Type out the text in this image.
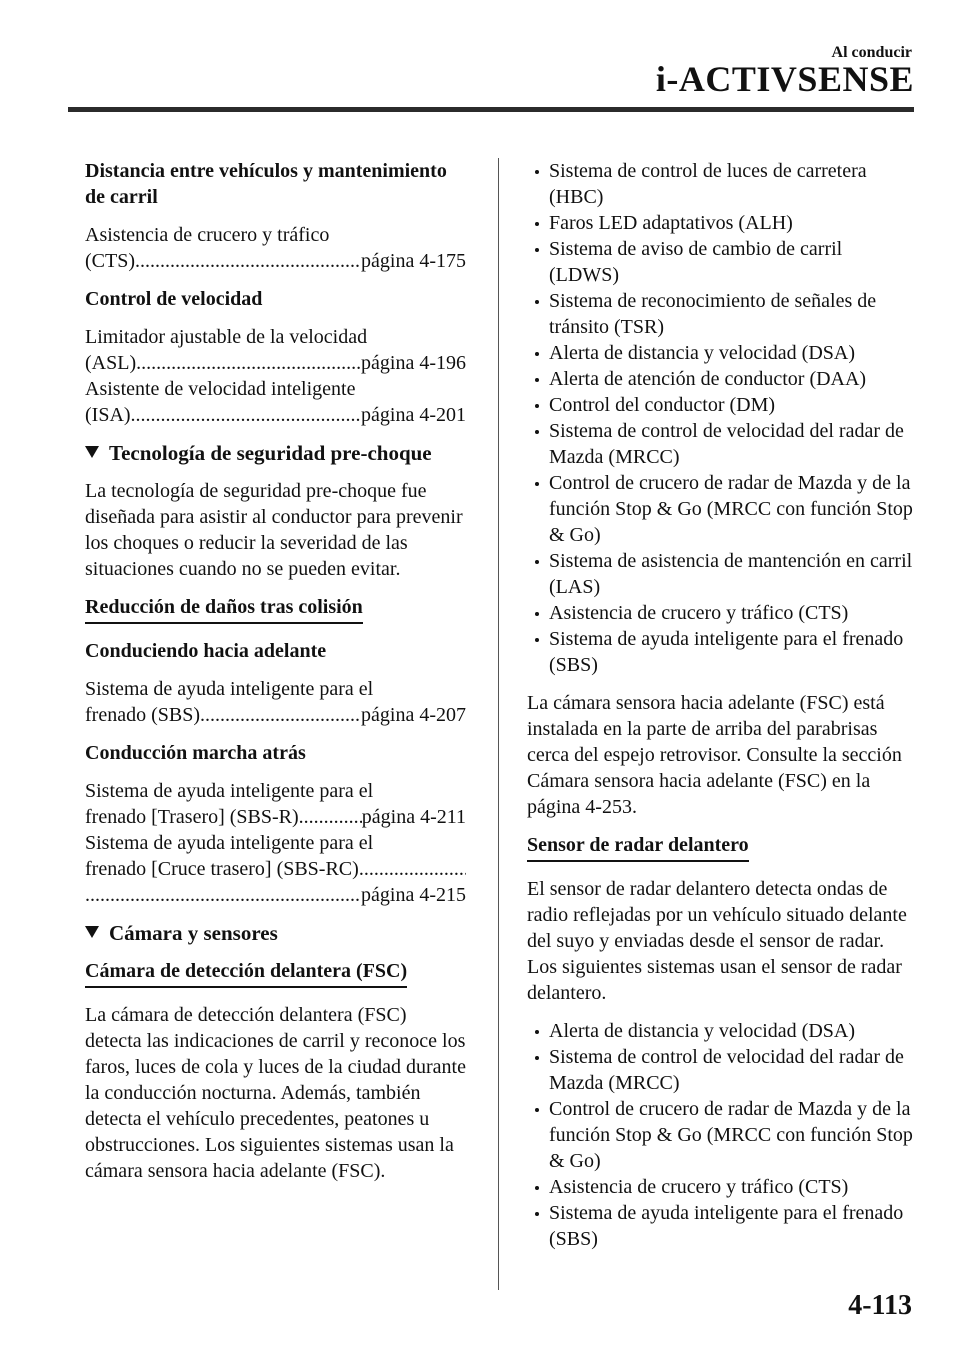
Al conducir
i-ACTIVSENSE
Distancia entre vehículos y mantenimiento de carril
Asistencia de crucero y tráfico
(CTS) .....	página 4-175
Control de velocidad
Limitador ajustable de la velocidad
(ASL) .....	página 4-196
Asistente de velocidad inteligente
(ISA) .....	página 4-201
Tecnología de seguridad pre-choque
La tecnología de seguridad pre-choque fue diseñada para asistir al conductor para prevenir los choques o reducir la severidad de las situaciones cuando no se pueden evitar.
Reducción de daños tras colisión
Conduciendo hacia adelante
Sistema de ayuda inteligente para el
frenado (SBS) .....	página 4-207
Conducción marcha atrás
Sistema de ayuda inteligente para el
frenado [Trasero] (SBS-R) .....	página 4-211
Sistema de ayuda inteligente para el
frenado [Cruce trasero] (SBS-RC)
.....
.....
página 4-215
Cámara y sensores
Cámara de detección delantera (FSC)
La cámara de detección delantera (FSC) detecta las indicaciones de carril y reconoce los faros, luces de cola y luces de la ciudad durante la conducción nocturna. Además, también detecta el vehículo precedentes, peatones u obstrucciones. Los siguientes sistemas usan la cámara sensora hacia adelante (FSC).
Sistema de control de luces de carretera (HBC)
Faros LED adaptativos (ALH)
Sistema de aviso de cambio de carril (LDWS)
Sistema de reconocimiento de señales de tránsito (TSR)
Alerta de distancia y velocidad (DSA)
Alerta de atención de conductor (DAA)
Control del conductor (DM)
Sistema de control de velocidad del radar de Mazda (MRCC)
Control de crucero de radar de Mazda y de la función Stop & Go (MRCC con función Stop & Go)
Sistema de asistencia de mantención en carril (LAS)
Asistencia de crucero y tráfico (CTS)
Sistema de ayuda inteligente para el frenado (SBS)
La cámara sensora hacia adelante (FSC) está instalada en la parte de arriba del parabrisas cerca del espejo retrovisor. Consulte la sección Cámara sensora hacia adelante (FSC) en la página 4-253.
Sensor de radar delantero
El sensor de radar delantero detecta ondas de radio reflejadas por un vehículo situado delante del suyo y enviadas desde el sensor de radar. Los siguientes sistemas usan el sensor de radar delantero.
Alerta de distancia y velocidad (DSA)
Sistema de control de velocidad del radar de Mazda (MRCC)
Control de crucero de radar de Mazda y de la función Stop & Go (MRCC con función Stop & Go)
Asistencia de crucero y tráfico (CTS)
Sistema de ayuda inteligente para el frenado (SBS)
4-113
